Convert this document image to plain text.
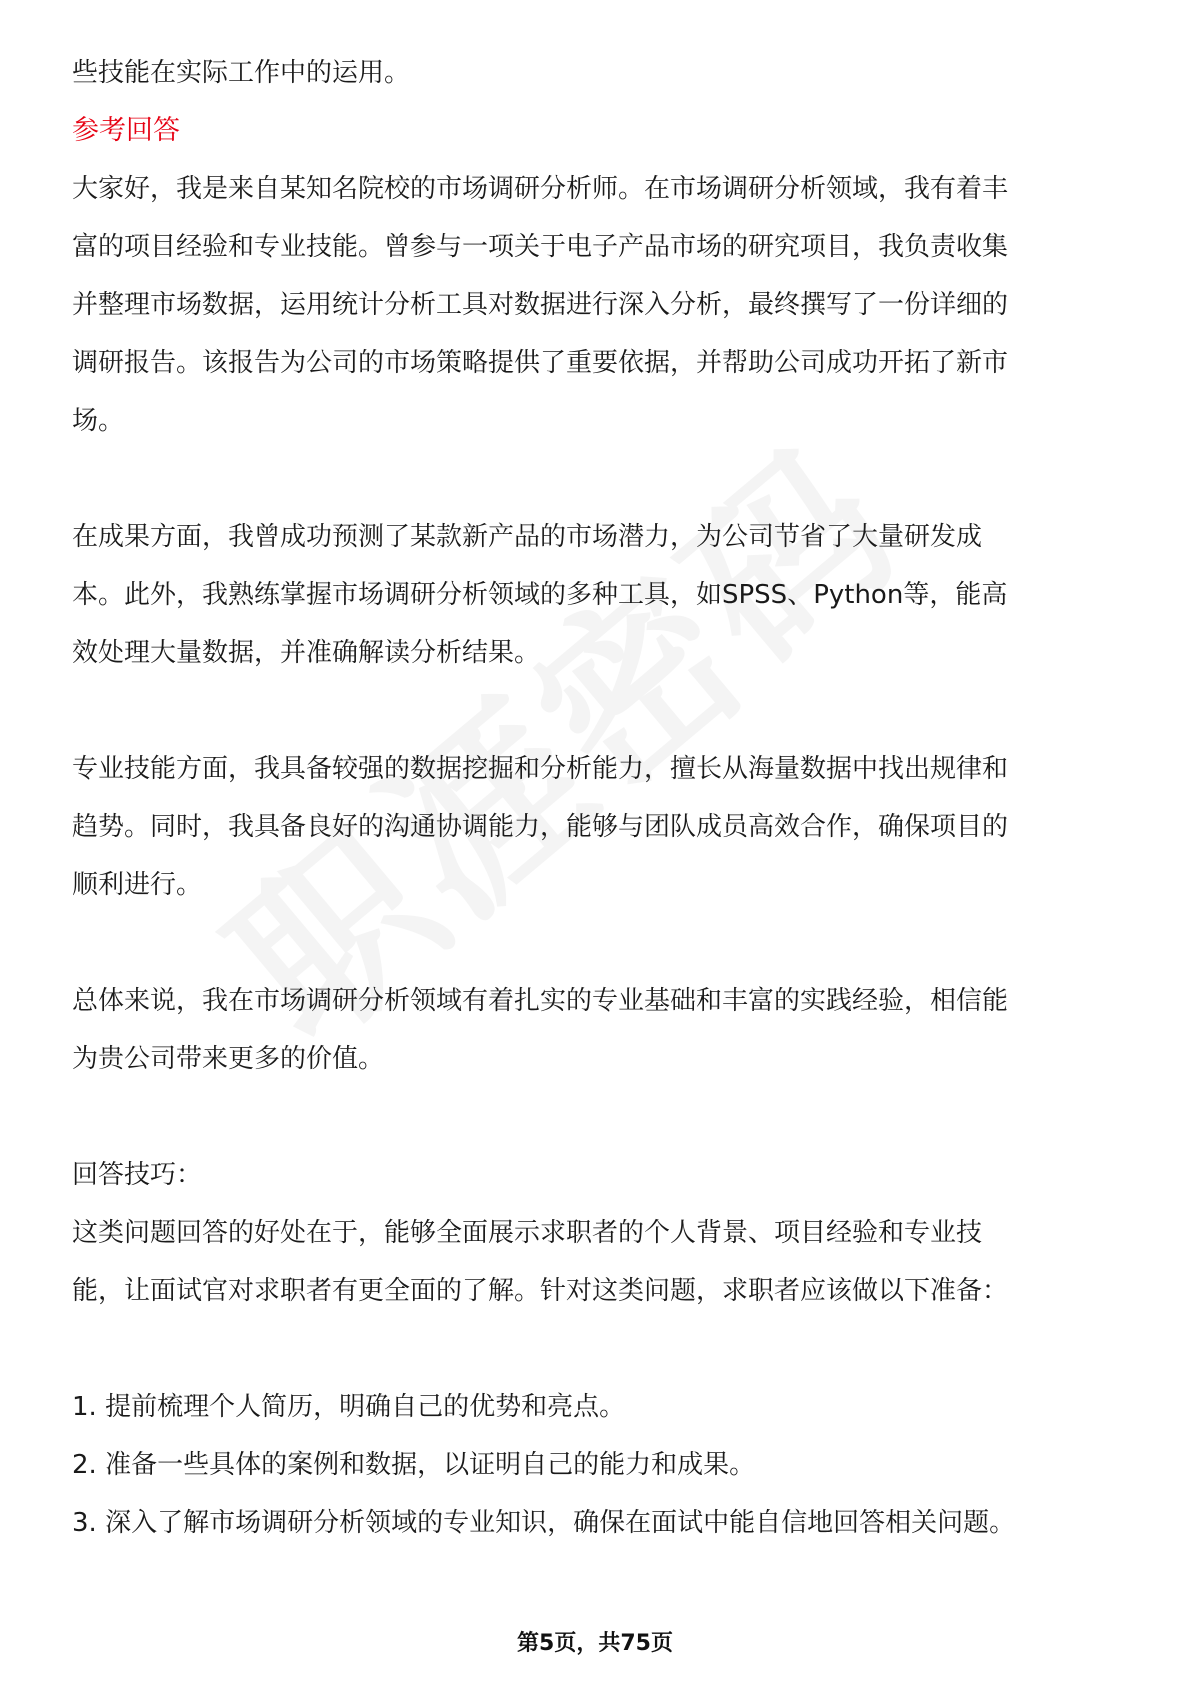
些技能在实际工作中的运用。
参考回答
大家好，我是来自某知名院校的市场调研分析师。在市场调研分析领域，我有着丰
富的项目经验和专业技能。曾参与一项关于电子产品市场的研究项目，我负责收集
并整理市场数据，运用统计分析工具对数据进行深入分析，最终撰写了一份详细的
调研报告。该报告为公司的市场策略提供了重要依据，并帮助公司成功开拓了新市
场。
在成果方面，我曾成功预测了某款新产品的市场潜力，为公司节省了大量研发成
本。此外，我熟练掌握市场调研分析领域的多种工具，如SPSS、Python等，能高
效处理大量数据，并准确解读分析结果。
专业技能方面，我具备较强的数据挖掘和分析能力，擅长从海量数据中找出规律和
趋势。同时，我具备良好的沟通协调能力，能够与团队成员高效合作，确保项目的
顺利进行。
总体来说，我在市场调研分析领域有着扎实的专业基础和丰富的实践经验，相信能
为贵公司带来更多的价值。
回答技巧：
这类问题回答的好处在于，能够全面展示求职者的个人背景、项目经验和专业技
能，让面试官对求职者有更全面的了解。针对这类问题，求职者应该做以下准备：
1. 提前梳理个人简历，明确自己的优势和亮点。
2. 准备一些具体的案例和数据，以证明自己的能力和成果。
3. 深入了解市场调研分析领域的专业知识，确保在面试中能自信地回答相关问题。
第5页，共75页
